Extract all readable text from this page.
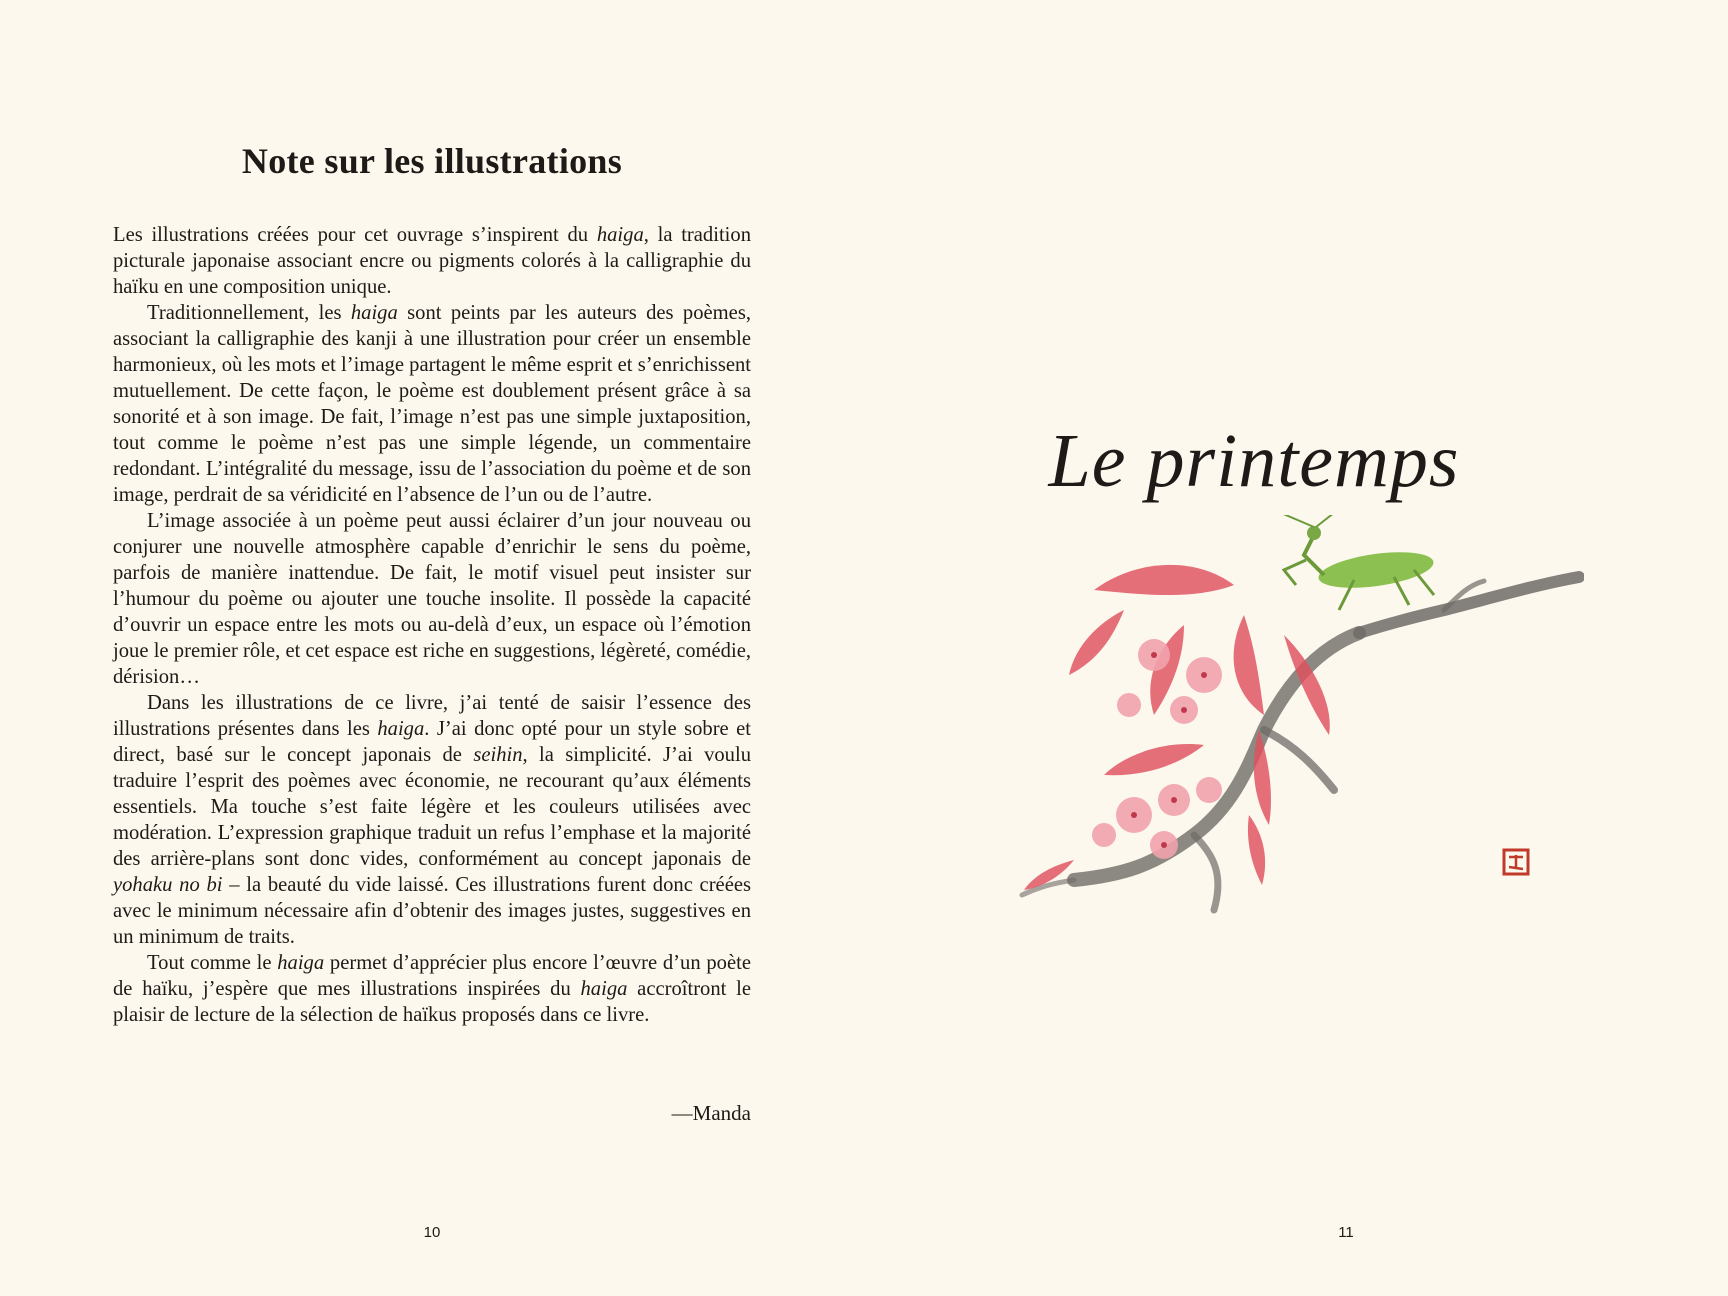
Note sur les illustrations

Les illustrations créées pour cet ouvrage s’inspirent du haiga, la tradition picturale japonaise associant encre ou pigments colorés à la calligraphie du haïku en une composition unique.

Traditionnellement, les haiga sont peints par les auteurs des poèmes, associant la calligraphie des kanji à une illustration pour créer un ensemble harmonieux, où les mots et l’image partagent le même esprit et s’enrichissent mutuellement. De cette façon, le poème est doublement présent grâce à sa sonorité et à son image. De fait, l’image n’est pas une simple juxtaposition, tout comme le poème n’est pas une simple légende, un commentaire redondant. L’intégralité du message, issu de l’association du poème et de son image, perdrait de sa véridicité en l’absence de l’un ou de l’autre.

L’image associée à un poème peut aussi éclairer d’un jour nouveau ou conjurer une nouvelle atmosphère capable d’enrichir le sens du poème, parfois de manière inattendue. De fait, le motif visuel peut insister sur l’humour du poème ou ajouter une touche insolite. Il possède la capacité d’ouvrir un espace entre les mots ou au-delà d’eux, un espace où l’émotion joue le premier rôle, et cet espace est riche en suggestions, légèreté, comédie, dérision…

Dans les illustrations de ce livre, j’ai tenté de saisir l’essence des illustrations présentes dans les haiga. J’ai donc opté pour un style sobre et direct, basé sur le concept japonais de seihin, la simplicité. J’ai voulu traduire l’esprit des poèmes avec économie, ne recourant qu’aux éléments essentiels. Ma touche s’est faite légère et les couleurs utilisées avec modération. L’expression graphique traduit un refus l’emphase et la majorité des arrière-plans sont donc vides, conformément au concept japonais de yohaku no bi – la beauté du vide laissé. Ces illustrations furent donc créées avec le minimum nécessaire afin d’obtenir des images justes, suggestives en un minimum de traits.

Tout comme le haiga permet d’apprécier plus encore l’œuvre d’un poète de haïku, j’espère que mes illustrations inspirées du haiga accroîtront le plaisir de lecture de la sélection de haïkus proposés dans ce livre.

—Manda
10
Le printemps
11
